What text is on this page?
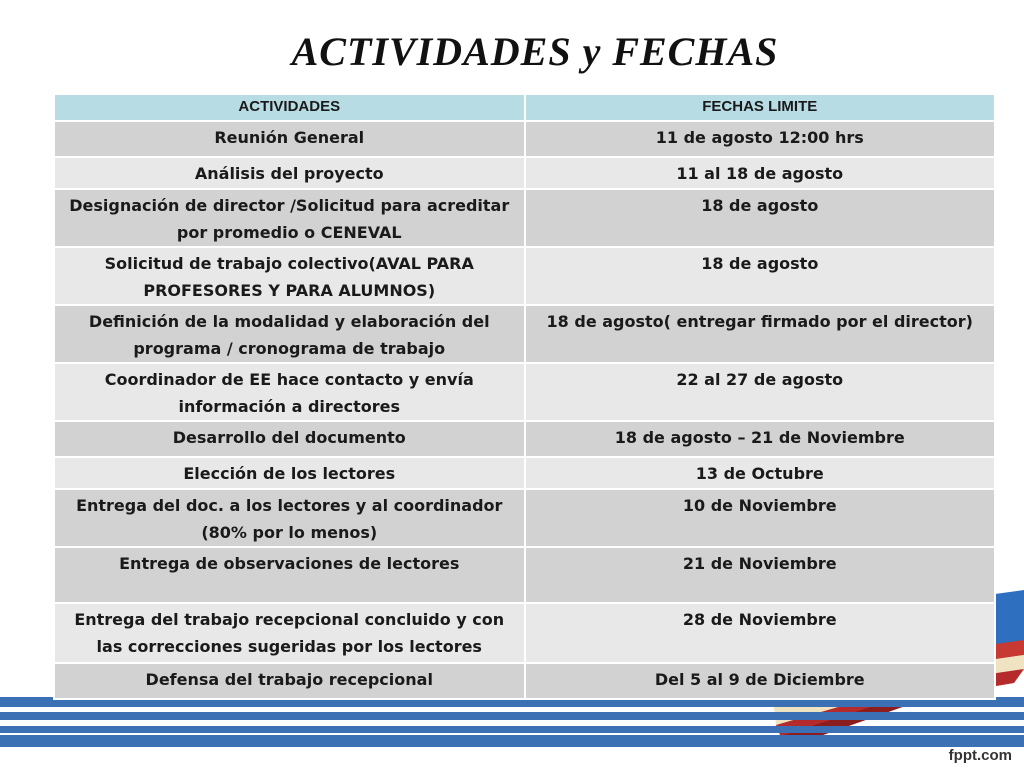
ACTIVIDADES y FECHAS
ACTIVIDADES	FECHAS LIMITE
Reunión General	11 de agosto 12:00 hrs
Análisis del proyecto	11 al 18 de agosto
Designación de director /Solicitud para acreditar por promedio o CENEVAL	18 de agosto
Solicitud de trabajo colectivo(AVAL PARA PROFESORES Y PARA ALUMNOS)	18 de agosto
Definición de la modalidad y elaboración del programa / cronograma de trabajo	18 de agosto( entregar firmado por el director)
Coordinador de EE hace contacto y envía información a directores	22 al 27 de agosto
Desarrollo del documento	18 de agosto – 21 de Noviembre
Elección de los lectores	13 de Octubre
Entrega del doc. a los lectores y al coordinador (80% por lo menos)	10 de Noviembre
Entrega de observaciones de lectores	21 de Noviembre
Entrega del trabajo recepcional concluido y con las correcciones sugeridas por los lectores	28 de Noviembre
Defensa del trabajo recepcional	Del 5 al 9 de Diciembre
fppt.com
